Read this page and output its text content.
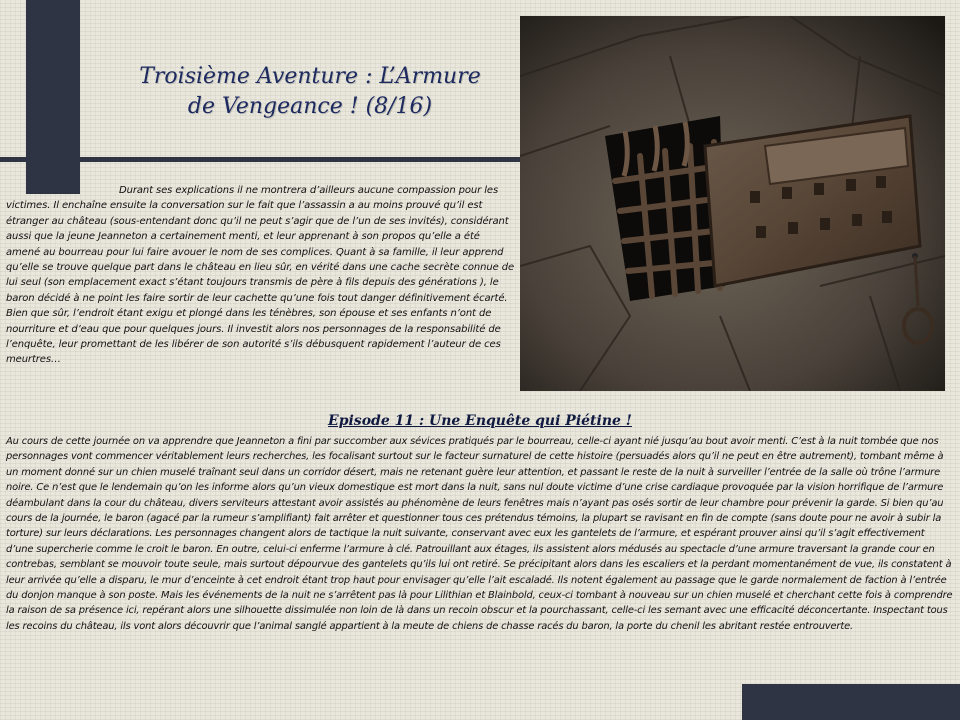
Troisième Aventure : L’Armure
de Vengeance ! (8/16)

Durant ses explications il ne montrera d’ailleurs aucune compassion pour les victimes. Il enchaîne ensuite la conversation sur le fait que l’assassin a au moins prouvé qu’il est étranger au château (sous-entendant donc qu’il ne peut s’agir que de l’un de ses invités), considérant aussi que la jeune Jeanneton a certainement menti, et leur apprenant à son propos qu’elle a été amené au bourreau pour lui faire avouer le nom de ses complices. Quant à sa famille, il leur apprend qu’elle se trouve quelque part dans le château en lieu sûr, en vérité dans une cache secrète connue de lui seul (son emplacement exact s’étant toujours transmis de père à fils depuis des générations ), le baron décidé à ne point les faire sortir de leur cachette qu’une fois tout danger définitivement écarté. Bien que sûr, l’endroit étant exigu et plongé dans les ténèbres, son épouse et ses enfants n’ont de nourriture et d’eau que pour quelques jours. Il investit alors nos personnages de la responsabilité de l’enquête, leur promettant de les libérer de son autorité s’ils débusquent rapidement l’auteur de ces meurtres…

Episode 11 : Une Enquête qui Piétine !

Au cours de cette journée on va apprendre que Jeanneton a fini par succomber aux sévices pratiqués par le bourreau, celle-ci ayant nié jusqu’au bout avoir menti. C’est à la nuit tombée que nos personnages vont commencer véritablement leurs recherches, les focalisant surtout sur le facteur surnaturel de cette histoire (persuadés alors qu’il ne peut en être autrement), tombant même à un moment donné sur un chien muselé traînant seul dans un corridor désert, mais ne retenant guère leur attention, et passant le reste de la nuit à surveiller l’entrée de la salle où trône l’armure noire. Ce n’est que le lendemain qu’on les informe alors qu’un vieux domestique est mort dans la nuit, sans nul doute victime d’une crise cardiaque provoquée par la vision horrifique de l’armure déambulant dans la cour du château, divers serviteurs attestant avoir assistés au phénomène de leurs fenêtres mais n’ayant pas osés sortir de leur chambre pour prévenir la garde. Si bien qu’au cours de la journée, le baron (agacé par la rumeur s’amplifiant) fait arrêter et questionner tous ces prétendus témoins, la plupart se ravisant en fin de compte (sans doute pour ne avoir à subir la torture) sur leurs déclarations. Les personnages changent alors de tactique la nuit suivante, conservant avec eux les gantelets de l’armure, et espérant prouver ainsi qu’il s’agit effectivement d’une supercherie comme le croit le baron. En outre, celui-ci enferme l’armure à clé. Patrouillant aux étages, ils assistent alors médusés au spectacle d’une armure traversant la grande cour en contrebas, semblant se mouvoir toute seule, mais surtout dépourvue des gantelets qu’ils lui ont retiré. Se précipitant alors dans les escaliers et la perdant momentanément de vue, ils constatent à leur arrivée qu’elle a disparu, le mur d’enceinte à cet endroit étant trop haut pour envisager qu’elle l’ait escaladé. Ils notent également au passage que le garde normalement de faction à l’entrée du donjon manque à son poste. Mais les événements de la nuit ne s’arrêtent pas là pour Lilithian et Blainbold, ceux-ci tombant à nouveau sur un chien muselé et cherchant cette fois à comprendre la raison de sa présence ici, repérant alors une silhouette dissimulée non loin de là dans un recoin obscur et la pourchassant, celle-ci les semant avec une efficacité déconcertante. Inspectant tous les recoins du château, ils vont alors découvrir que l’animal sanglé appartient à la meute de chiens de chasse racés du baron, la porte du chenil les abritant restée entrouverte.
